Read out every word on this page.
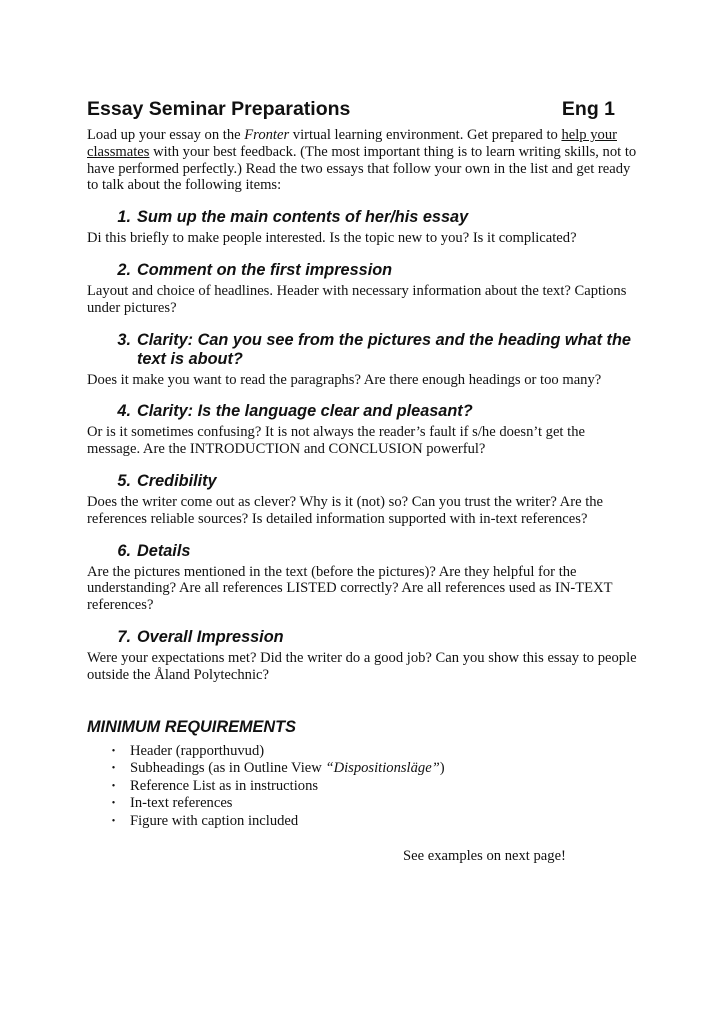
Essay Seminar Preparations	Eng 1

Load up your essay on the Fronter virtual learning environment. Get prepared to help your classmates with your best feedback. (The most important thing is to learn writing skills, not to have performed perfectly.) Read the two essays that follow your own in the list and get ready to talk about the following items:

1. Sum up the main contents of her/his essay

Di this briefly to make people interested. Is the topic new to you? Is it complicated?

2. Comment on the first impression

Layout and choice of headlines. Header with necessary information about the text? Captions under pictures?

3. Clarity: Can you see from the pictures and the heading what the text is about?

Does it make you want to read the paragraphs? Are there enough headings or too many?

4. Clarity: Is the language clear and pleasant?

Or is it sometimes confusing? It is not always the reader’s fault if s/he doesn’t get the message. Are the INTRODUCTION and CONCLUSION powerful?

5. Credibility

Does the writer come out as clever? Why is it (not) so? Can you trust the writer? Are the references reliable sources? Is detailed information supported with in-text references?

6. Details

Are the pictures mentioned in the text (before the pictures)? Are they helpful for the understanding? Are all references LISTED correctly? Are all references used as IN-TEXT references?

7. Overall Impression

Were your expectations met? Did the writer do a good job? Can you show this essay to people outside the Åland Polytechnic?

MINIMUM REQUIREMENTS
•	Header (rapporthuvud)
•	Subheadings (as in Outline View “Dispositionsläge”)
•	Reference List as in instructions
•	In-text references
•	Figure with caption included
See examples on next page!
